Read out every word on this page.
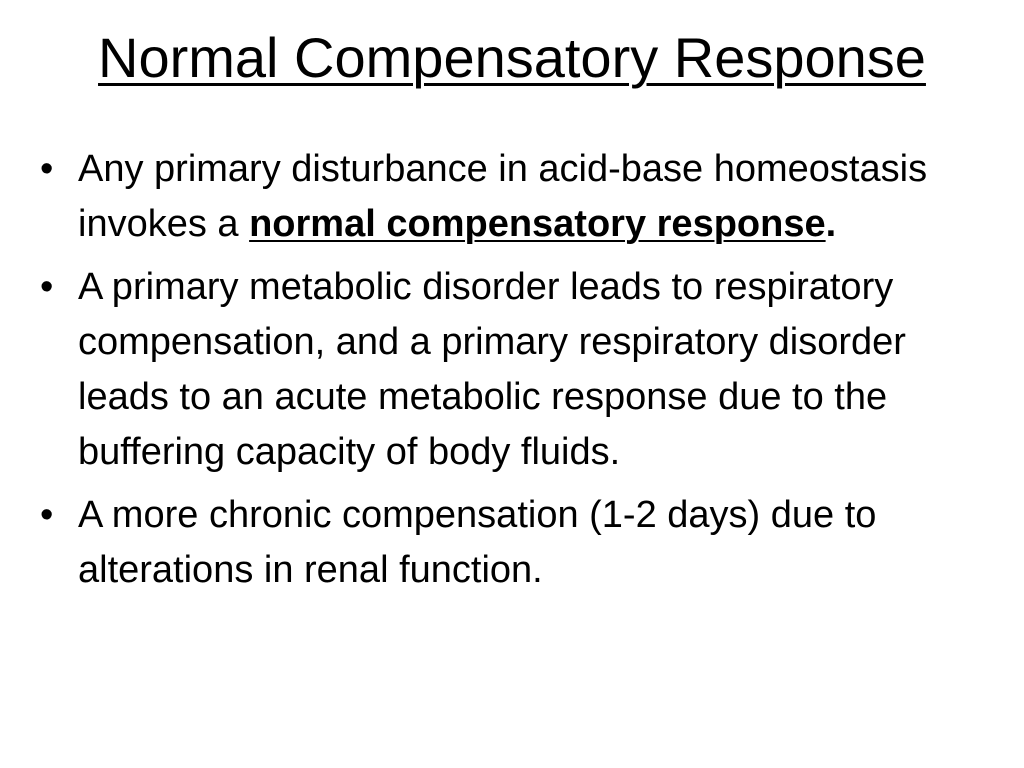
Normal Compensatory Response
• Any primary disturbance in acid-base homeostasis invokes a normal compensatory response.
• A primary metabolic disorder leads to respiratory compensation, and a primary respiratory disorder leads to an acute metabolic response due to the buffering capacity of body fluids.
• A more chronic compensation (1-2 days) due to alterations in renal function.
